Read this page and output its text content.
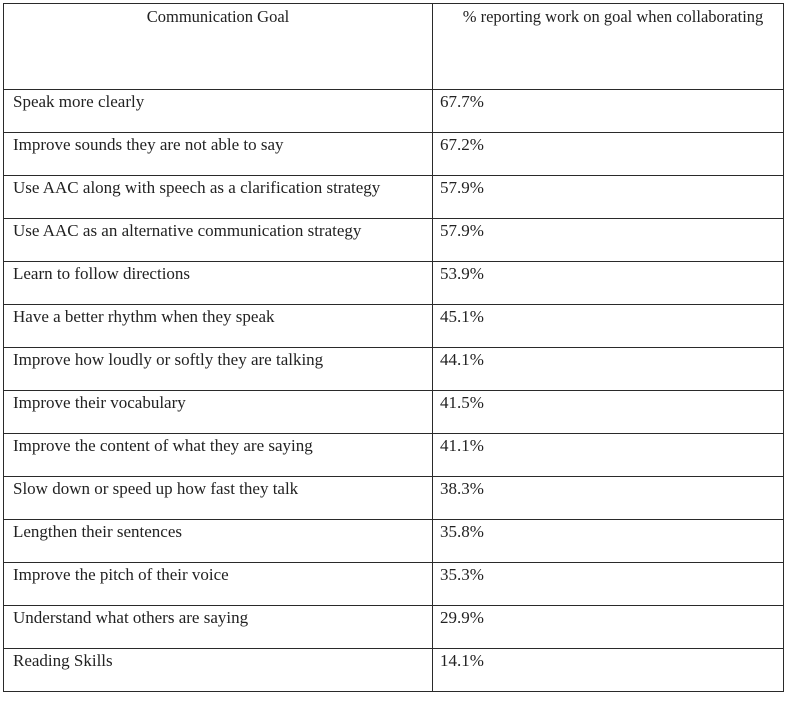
Communication Goal	% reporting work on goal when collaborating

Speak more clearly	67.7%

Improve sounds they are not able to say	67.2%

Use AAC along with speech as a clarification strategy	57.9%

Use AAC as an alternative communication strategy	57.9%

Learn to follow directions	53.9%

Have a better rhythm when they speak	45.1%

Improve how loudly or softly they are talking	44.1%

Improve their vocabulary	41.5%

Improve the content of what they are saying	41.1%

Slow down or speed up how fast they talk	38.3%

Lengthen their sentences	35.8%

Improve the pitch of their voice	35.3%

Understand what others are saying	29.9%

Reading Skills	14.1%
